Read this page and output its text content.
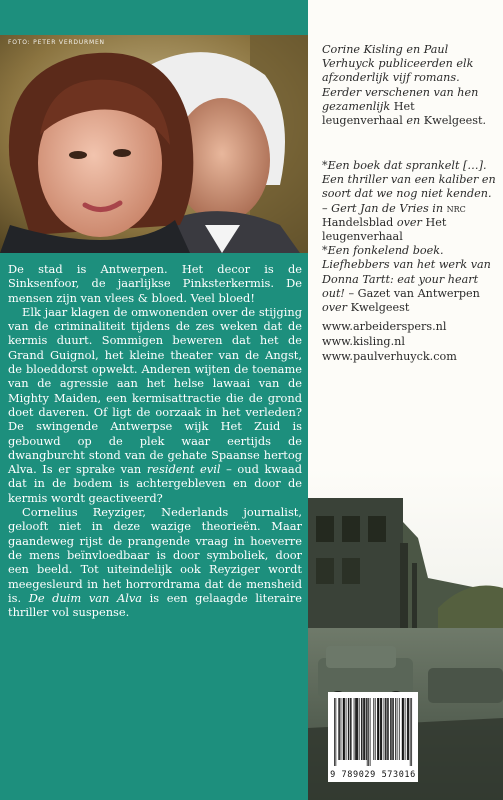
FOTO: PETER VERDURMEN

De stad is Antwerpen. Het decor is de Sinksenfoor, de jaarlijkse Pinksterkermis. De mensen zijn van vlees & bloed. Veel bloed!

Elk jaar klagen de omwonenden over de stijging van de criminaliteit tijdens de zes weken dat de kermis duurt. Sommigen beweren dat het de Grand Guignol, het kleine theater van de Angst, de bloeddorst opwekt. Anderen wijten de toename van de agressie aan het helse lawaai van de Mighty Maiden, een kermisattractie die de grond doet daveren. Of ligt de oorzaak in het verleden? De swingende Antwerpse wijk Het Zuid is gebouwd op de plek waar eertijds de dwangburcht stond van de gehate Spaanse hertog Alva. Is er sprake van resident evil – oud kwaad dat in de bodem is achtergebleven en door de kermis wordt geactiveerd?

Cornelius Reyziger, Nederlands journalist, gelooft niet in deze wazige theorieën. Maar gaandeweg rijst de prangende vraag in hoeverre de mens beïnvloedbaar is door symboliek, door een beeld. Tot uiteindelijk ook Reyziger wordt meegesleurd in het horrordrama dat de mensheid is. De duim van Alva is een gelaagde literaire thriller vol suspense.

Corine Kisling en Paul Verhuyck publiceerden elk afzonderlijk vijf romans. Eerder verschenen van hen gezamenlijk Het leugenverhaal en Kwelgeest.

*Een boek dat sprankelt […]. Een thriller van een kaliber en soort dat we nog niet kenden. – Gert Jan de Vries in nrc Handelsblad over Het leugenverhaal

*Een fonkelend boek. Liefhebbers van het werk van Donna Tartt: eat your heart out! – Gazet van Antwerpen over Kwelgeest

www.arbeiderspers.nl
www.kisling.nl
www.paulverhuyck.com
9 789029 573016
